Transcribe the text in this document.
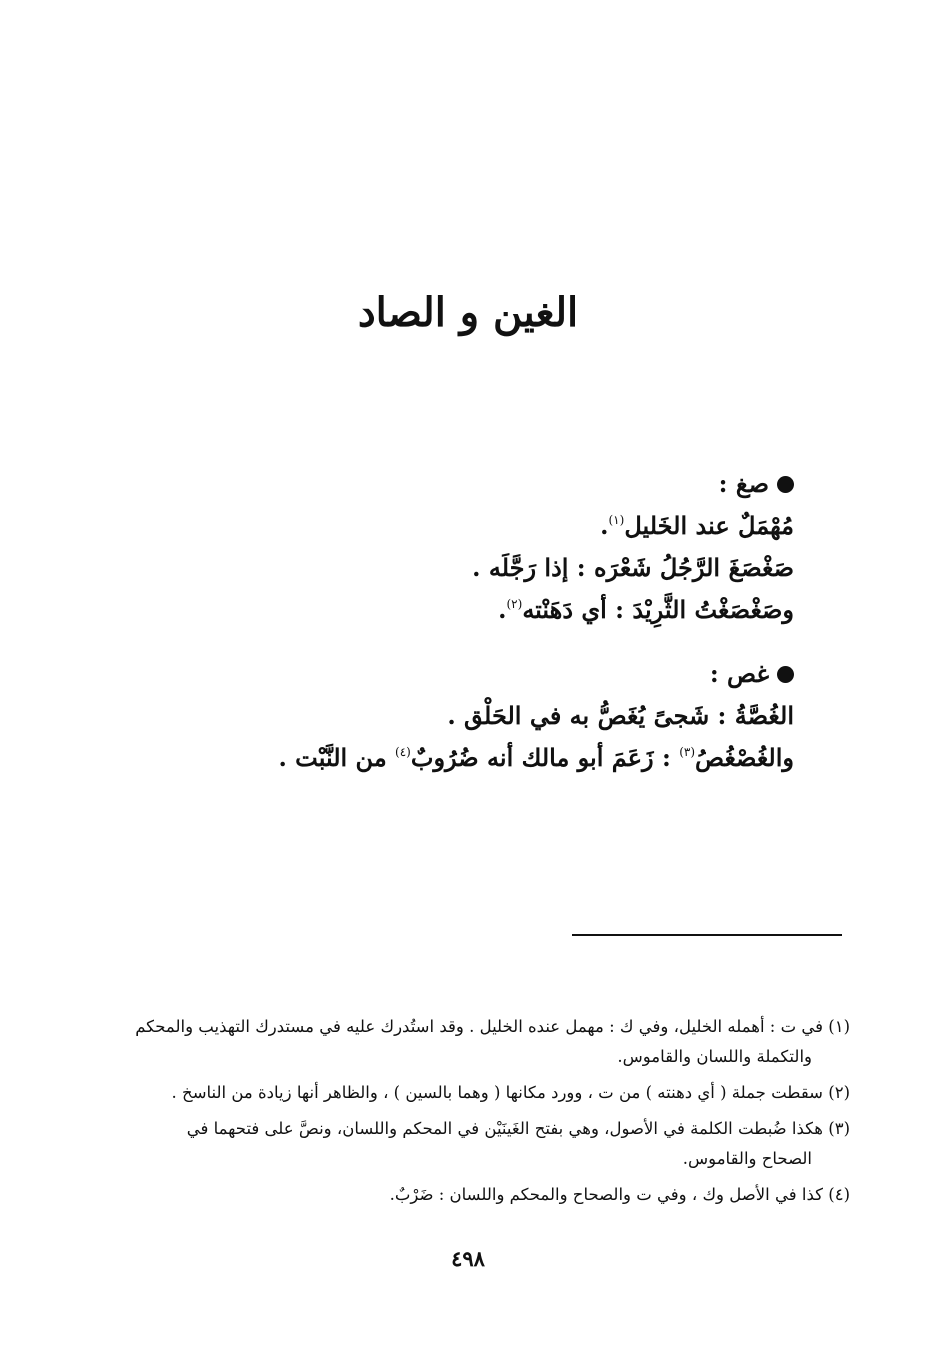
الغين و الصاد
صغ :
مُهْمَلٌ عند الخَليل$^{(١)}$.
صَغْصَغَ الرَّجُلُ شَعْرَه : إذا رَجَّلَه .
وصَغْصَغْتُ الثَّرِيْدَ : أي دَهَنْته$^{(٢)}$.
غص :
الغُصَّةُ : شَجىً يُغَصُّ به في الحَلْق .
والغُصْغُصُ$^{(٣)}$ : زَعَمَ أبو مالك أنه ضُرُوبٌ$^{(٤)}$ من النَّبْت .

(١) في ت : أهمله الخليل، وفي ك : مهمل عنده الخليل . وقد استُدرك عليه في مستدرك التهذيب والمحكم
والتكملة واللسان والقاموس.

(٢) سقطت جملة ( أي دهنته ) من ت ، وورد مكانها ( وهما بالسين ) ، والظاهر أنها زيادة من الناسخ .

(٣) هكذا ضُبطت الكلمة في الأصول، وهي بفتح الغَينَيْن في المحكم واللسان، ونصَّ على فتحهما في
الصحاح والقاموس.

(٤) كذا في الأصل وك ، وفي ت والصحاح والمحكم واللسان : ضَرْبٌ.

٤٩٨
